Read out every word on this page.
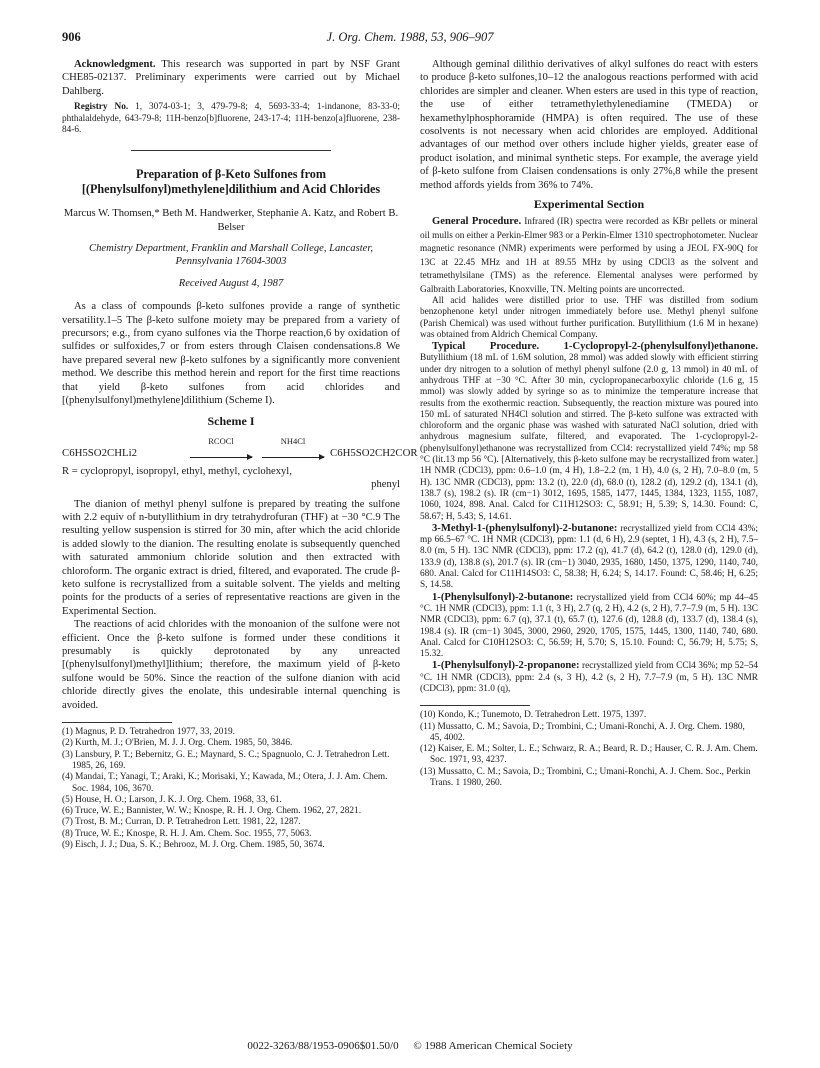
906	J. Org. Chem. 1988, 53, 906–907

Acknowledgment. This research was supported in part by NSF Grant CHE85-02137. Preliminary experiments were carried out by Michael Dahlberg.

Registry No. 1, 3074-03-1; 3, 479-79-8; 4, 5693-33-4; 1-indanone, 83-33-0; phthalaldehyde, 643-79-8; 11H-benzo[b]fluorene, 243-17-4; 11H-benzo[a]fluorene, 238-84-6.

Preparation of β-Keto Sulfones from [(Phenylsulfonyl)methylene]dilithium and Acid Chlorides
Marcus W. Thomsen,* Beth M. Handwerker, Stephanie A. Katz, and Robert B. Belser
Chemistry Department, Franklin and Marshall College, Lancaster, Pennsylvania 17604-3003
Received August 4, 1987

As a class of compounds β-keto sulfones provide a range of synthetic versatility.1–5 The β-keto sulfone moiety may be prepared from a variety of precursors; e.g., from cyano sulfones via the Thorpe reaction,6 by oxidation of sulfides or sulfoxides,7 or from esters through Claisen condensations.8 We have prepared several new β-keto sulfones by a significantly more convenient method. We describe this method herein and report for the first time reactions that yield β-keto sulfones from acid chlorides and [(phenylsulfonyl)methylene]dilithium (Scheme I).

Scheme I
C6H5SO2CHLi2
RCOCl	NH4Cl
C6H5SO2CH2COR
R = cyclopropyl, isopropyl, ethyl, methyl, cyclohexyl,
phenyl

The dianion of methyl phenyl sulfone is prepared by treating the sulfone with 2.2 equiv of n-butyllithium in dry tetrahydrofuran (THF) at −30 °C.9 The resulting yellow suspension is stirred for 30 min, after which the acid chloride is added slowly to the dianion. The resulting enolate is subsequently quenched with saturated ammonium chloride solution and then extracted with chloroform. The organic extract is dried, filtered, and evaporated. The crude β-keto sulfone is recrystallized from a suitable solvent. The yields and melting points for the products of a series of representative reactions are given in the Experimental Section.

The reactions of acid chlorides with the monoanion of the sulfone were not efficient. Once the β-keto sulfone is formed under these conditions it presumably is quickly deprotonated by any unreacted [(phenylsulfonyl)methyl]lithium; therefore, the maximum yield of β-keto sulfone would be 50%. Since the reaction of the sulfone dianion with acid chloride directly gives the enolate, this undesirable internal quenching is avoided.

(1) Magnus, P. D. Tetrahedron 1977, 33, 2019.
(2) Kurth, M. J.; O'Brien, M. J. J. Org. Chem. 1985, 50, 3846.
(3) Lansbury, P. T.; Bebernitz, G. E.; Maynard, S. C.; Spagnuolo, C. J. Tetrahedron Lett. 1985, 26, 169.
(4) Mandai, T.; Yanagi, T.; Araki, K.; Morisaki, Y.; Kawada, M.; Otera, J. J. Am. Chem. Soc. 1984, 106, 3670.
(5) House, H. O.; Larson, J. K. J. Org. Chem. 1968, 33, 61.
(6) Truce, W. E.; Bannister, W. W.; Knospe, R. H. J. Org. Chem. 1962, 27, 2821.
(7) Trost, B. M.; Curran, D. P. Tetrahedron Lett. 1981, 22, 1287.
(8) Truce, W. E.; Knospe, R. H. J. Am. Chem. Soc. 1955, 77, 5063.
(9) Eisch, J. J.; Dua, S. K.; Behrooz, M. J. Org. Chem. 1985, 50, 3674.

Although geminal dilithio derivatives of alkyl sulfones do react with esters to produce β-keto sulfones,10–12 the analogous reactions performed with acid chlorides are simpler and cleaner. When esters are used in this type of reaction, the use of either tetramethylethylenediamine (TMEDA) or hexamethylphosphoramide (HMPA) is often required. The use of these cosolvents is not necessary when acid chlorides are employed. Additional advantages of our method over others include higher yields, greater ease of product isolation, and minimal synthetic steps. For example, the average yield of β-keto sulfone from Claisen condensations is only 27%,8 while the present method affords yields from 36% to 74%.

Experimental Section

General Procedure. Infrared (IR) spectra were recorded as KBr pellets or mineral oil mulls on either a Perkin-Elmer 983 or a Perkin-Elmer 1310 spectrophotometer. Nuclear magnetic resonance (NMR) experiments were performed by using a JEOL FX-90Q for 13C at 22.45 MHz and 1H at 89.55 MHz by using CDCl3 as the solvent and tetramethylsilane (TMS) as the reference. Elemental analyses were performed by Galbraith Laboratories, Knoxville, TN. Melting points are uncorrected.

All acid halides were distilled prior to use. THF was distilled from sodium benzophenone ketyl under nitrogen immediately before use. Methyl phenyl sulfone (Parish Chemical) was used without further purification. Butyllithium (1.6 M in hexane) was obtained from Aldrich Chemical Company.

Typical Procedure. 1-Cyclopropyl-2-(phenylsulfonyl)ethanone. Butyllithium (18 mL of 1.6M solution, 28 mmol) was added slowly with efficient stirring under dry nitrogen to a solution of methyl phenyl sulfone (2.0 g, 13 mmol) in 40 mL of anhydrous THF at −30 °C. After 30 min, cyclopropanecarboxylic chloride (1.6 g, 15 mmol) was slowly added by syringe so as to minimize the temperature increase that results from the exothermic reaction. Subsequently, the reaction mixture was poured into 150 mL of saturated NH4Cl solution and stirred. The β-keto sulfone was extracted with chloroform and the organic phase was washed with saturated NaCl solution, dried with anhydrous magnesium sulfate, filtered, and evaporated. The 1-cyclopropyl-2-(phenylsulfonyl)ethanone was recrystallized from CCl4: recrystallized yield 74%; mp 58 °C (lit.13 mp 56 °C). [Alternatively, this β-keto sulfone may be recrystallized from water.] 1H NMR (CDCl3), ppm: 0.6–1.0 (m, 4 H), 1.8–2.2 (m, 1 H), 4.0 (s, 2 H), 7.0–8.0 (m, 5 H). 13C NMR (CDCl3), ppm: 13.2 (t), 22.0 (d), 68.0 (t), 128.2 (d), 129.2 (d), 134.1 (d), 138.7 (s), 198.2 (s). IR (cm−1) 3012, 1695, 1585, 1477, 1445, 1384, 1323, 1155, 1087, 1060, 1024, 898. Anal. Calcd for C11H12SO3: C, 58.91; H, 5.39; S, 14.30. Found: C, 58.67; H, 5.43; S, 14.61.

3-Methyl-1-(phenylsulfonyl)-2-butanone: recrystallized yield from CCl4 43%; mp 66.5–67 °C. 1H NMR (CDCl3), ppm: 1.1 (d, 6 H), 2.9 (septet, 1 H), 4.3 (s, 2 H), 7.5–8.0 (m, 5 H). 13C NMR (CDCl3), ppm: 17.2 (q), 41.7 (d), 64.2 (t), 128.0 (d), 129.0 (d), 133.9 (d), 138.8 (s), 201.7 (s). IR (cm−1) 3040, 2935, 1680, 1450, 1375, 1290, 1140, 740, 680. Anal. Calcd for C11H14SO3: C, 58.38; H, 6.24; S, 14.17. Found: C, 58.46; H, 6.25; S, 14.58.

1-(Phenylsulfonyl)-2-butanone: recrystallized yield from CCl4 60%; mp 44–45 °C. 1H NMR (CDCl3), ppm: 1.1 (t, 3 H), 2.7 (q, 2 H), 4.2 (s, 2 H), 7.7–7.9 (m, 5 H). 13C NMR (CDCl3), ppm: 6.7 (q), 37.1 (t), 65.7 (t), 127.6 (d), 128.8 (d), 133.7 (d), 138.4 (s), 198.4 (s). IR (cm−1) 3045, 3000, 2960, 2920, 1705, 1575, 1445, 1300, 1140, 740, 680. Anal. Calcd for C10H12SO3: C, 56.59; H, 5.70; S, 15.10. Found: C, 56.79; H, 5.75; S, 15.32.

1-(Phenylsulfonyl)-2-propanone: recrystallized yield from CCl4 36%; mp 52–54 °C. 1H NMR (CDCl3), ppm: 2.4 (s, 3 H), 4.2 (s, 2 H), 7.7–7.9 (m, 5 H). 13C NMR (CDCl3), ppm: 31.0 (q),

(10) Kondo, K.; Tunemoto, D. Tetrahedron Lett. 1975, 1397.
(11) Mussatto, C. M.; Savoia, D.; Trombini, C.; Umani-Ronchi, A. J. Org. Chem. 1980, 45, 4002.
(12) Kaiser, E. M.; Solter, L. E.; Schwarz, R. A.; Beard, R. D.; Hauser, C. R. J. Am. Chem. Soc. 1971, 93, 4237.
(13) Mussatto, C. M.; Savoia, D.; Trombini, C.; Umani-Ronchi, A. J. Chem. Soc., Perkin Trans. 1 1980, 260.
0022-3263/88/1953-0906$01.50/0 © 1988 American Chemical Society
